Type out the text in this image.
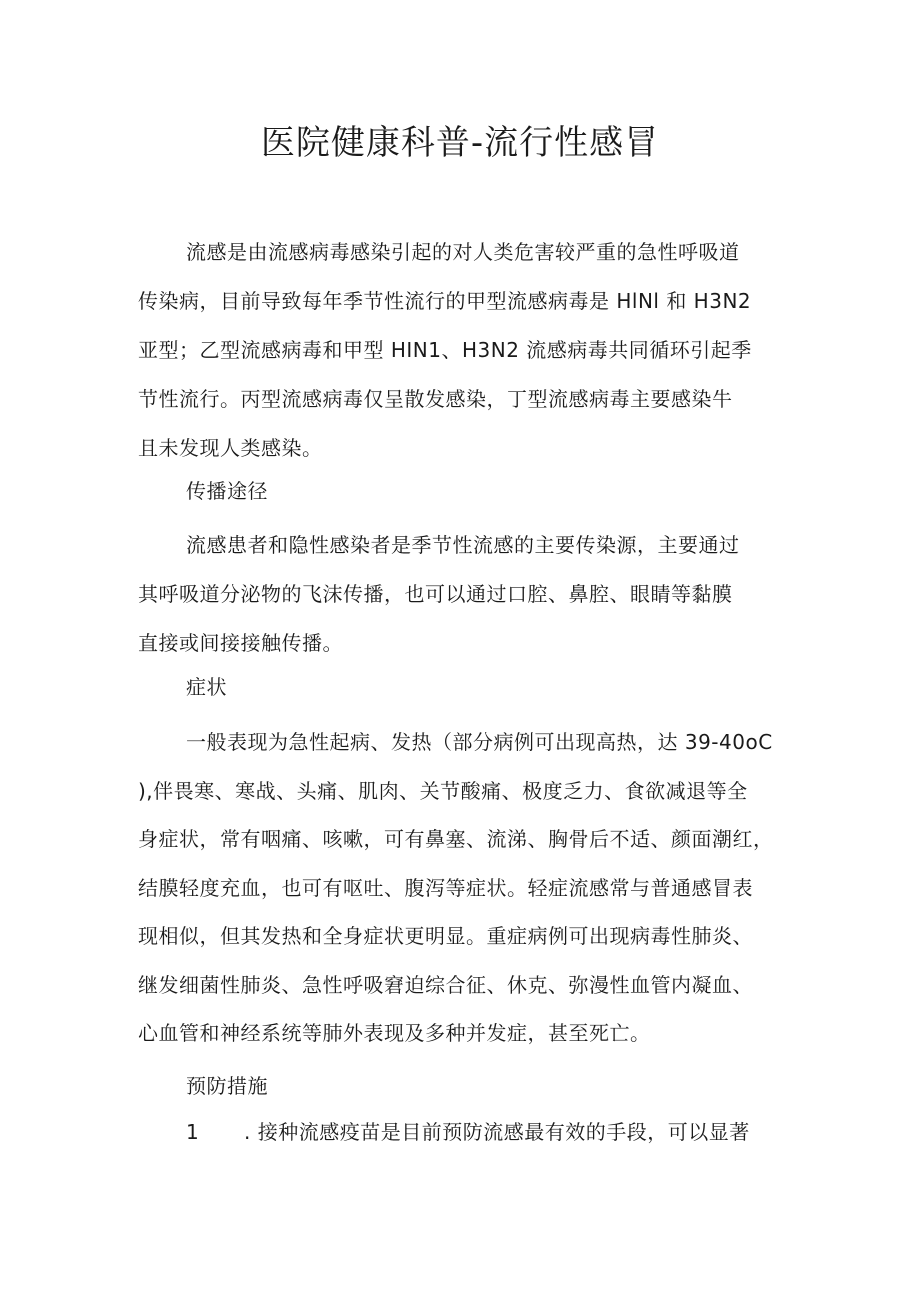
医院健康科普-流行性感冒
流感是由流感病毒感染引起的对人类危害较严重的急性呼吸道
传染病，目前导致每年季节性流行的甲型流感病毒是 HlNl 和 H3N2
亚型；乙型流感病毒和甲型 HIN1、H3N2 流感病毒共同循环引起季
节性流行。丙型流感病毒仅呈散发感染，丁型流感病毒主要感染牛
且未发现人类感染。
传播途径
流感患者和隐性感染者是季节性流感的主要传染源，主要通过
其呼吸道分泌物的飞沫传播，也可以通过口腔、鼻腔、眼睛等黏膜
直接或间接接触传播。
症状
一般表现为急性起病、发热（部分病例可出现高热，达 39-40oC
),伴畏寒、寒战、头痛、肌肉、关节酸痛、极度乏力、食欲减退等全
身症状，常有咽痛、咳嗽，可有鼻塞、流涕、胸骨后不适、颜面潮红，
结膜轻度充血，也可有呕吐、腹泻等症状。轻症流感常与普通感冒表
现相似，但其发热和全身症状更明显。重症病例可出现病毒性肺炎、
继发细菌性肺炎、急性呼吸窘迫综合征、休克、弥漫性血管内凝血、
心血管和神经系统等肺外表现及多种并发症，甚至死亡。
预防措施
1 . 接种流感疫苗是目前预防流感最有效的手段，可以显著
